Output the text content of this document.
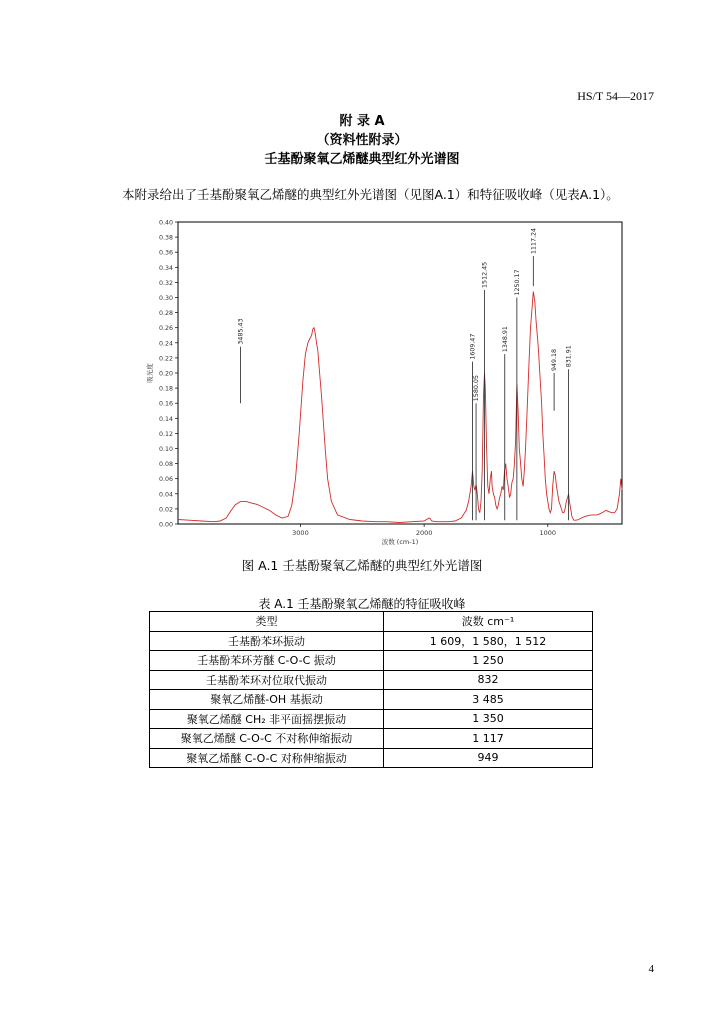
HS/T 54—2017
附 录 A
（资料性附录）
壬基酚聚氧乙烯醚典型红外光谱图
本附录给出了壬基酚聚氧乙烯醚的典型红外光谱图（见图A.1）和特征吸收峰（见表A.1）。
0.00
0.02
0.04
0.06
0.08
0.10
0.12
0.14
0.16
0.18
0.20
0.22
0.24
0.26
0.28
0.30
0.32
0.34
0.36
0.38
0.40
3000	2000	1000
波数 (cm-1)
吸光度
3485.43
1609.47
1580.05
1512.45
1348.91
1250.17
1117.24
949.18 831.91
图 A.1 壬基酚聚氧乙烯醚的典型红外光谱图
表 A.1 壬基酚聚氧乙烯醚的特征吸收峰
类型	波数 cm⁻¹
壬基酚苯环振动	1 609，1 580，1 512
壬基酚苯环芳醚 C-O-C 振动	1 250
壬基酚苯环对位取代振动	832
聚氧乙烯醚-OH 基振动	3 485
聚氧乙烯醚 CH₂ 非平面摇摆振动	1 350
聚氧乙烯醚 C-O-C 不对称伸缩振动	1 117
聚氧乙烯醚 C-O-C 对称伸缩振动	949
4
